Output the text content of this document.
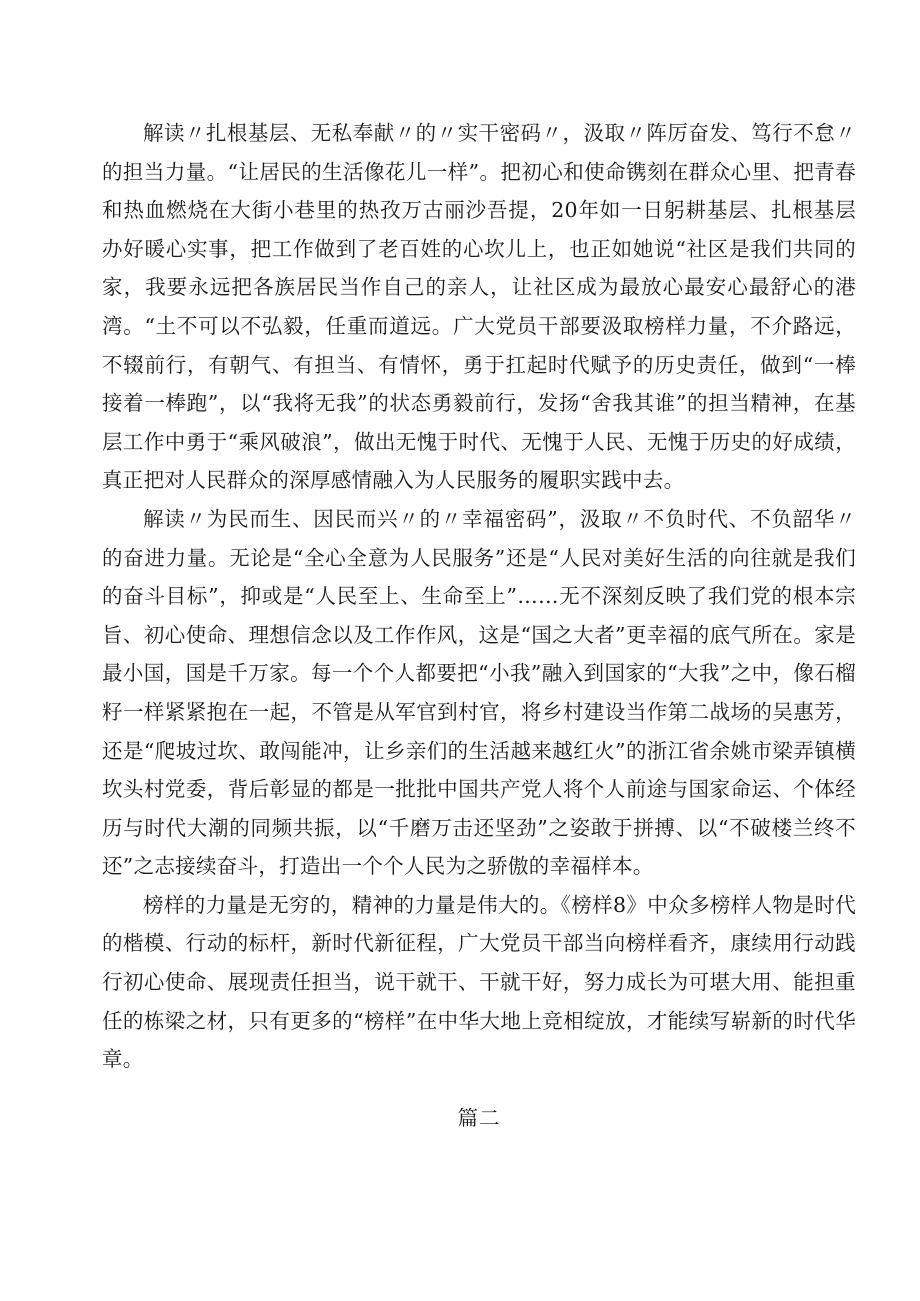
解读〃扎根基层、无私奉献〃的〃实干密码〃，汲取〃阵厉奋发、笃行不怠〃的担当力量。“让居民的生活像花儿一样”。把初心和使命镌刻在群众心里、把青春和热血燃烧在大街小巷里的热孜万古丽沙吾提，20年如一日躬耕基层、扎根基层办好暖心实事，把工作做到了老百姓的心坎儿上，也正如她说“社区是我们共同的家，我要永远把各族居民当作自己的亲人，让社区成为最放心最安心最舒心的港湾。“土不可以不弘毅，任重而道远。广大党员干部要汲取榜样力量，不介路远，不辍前行，有朝气、有担当、有情怀，勇于扛起时代赋予的历史责任，做到“一棒接着一棒跑”，以“我将无我”的状态勇毅前行，发扬“舍我其谁”的担当精神，在基层工作中勇于“乘风破浪”，做出无愧于时代、无愧于人民、无愧于历史的好成绩，真正把对人民群众的深厚感情融入为人民服务的履职实践中去。

解读〃为民而生、因民而兴〃的〃幸福密码”，汲取〃不负时代、不负韶华〃的奋进力量。无论是“全心全意为人民服务”还是“人民对美好生活的向往就是我们的奋斗目标”，抑或是“人民至上、生命至上”……无不深刻反映了我们党的根本宗旨、初心使命、理想信念以及工作作风，这是“国之大者”更幸福的底气所在。家是最小国，国是千万家。每一个个人都要把“小我”融入到国家的“大我”之中，像石榴籽一样紧紧抱在一起，不管是从军官到村官，将乡村建设当作第二战场的吴惠芳，还是“爬坡过坎、敢闯能冲，让乡亲们的生活越来越红火”的浙江省余姚市梁弄镇横坎头村党委，背后彰显的都是一批批中国共产党人将个人前途与国家命运、个体经历与时代大潮的同频共振，以“千磨万击还坚劲”之姿敢于拼搏、以“不破楼兰终不还”之志接续奋斗，打造出一个个人民为之骄傲的幸福样本。

榜样的力量是无穷的，精神的力量是伟大的。《榜样8》中众多榜样人物是时代的楷模、行动的标杆，新时代新征程，广大党员干部当向榜样看齐，康续用行动践行初心使命、展现责任担当，说干就干、干就干好，努力成长为可堪大用、能担重任的栋梁之材，只有更多的“榜样”在中华大地上竞相绽放，才能续写崭新的时代华章。

篇二
